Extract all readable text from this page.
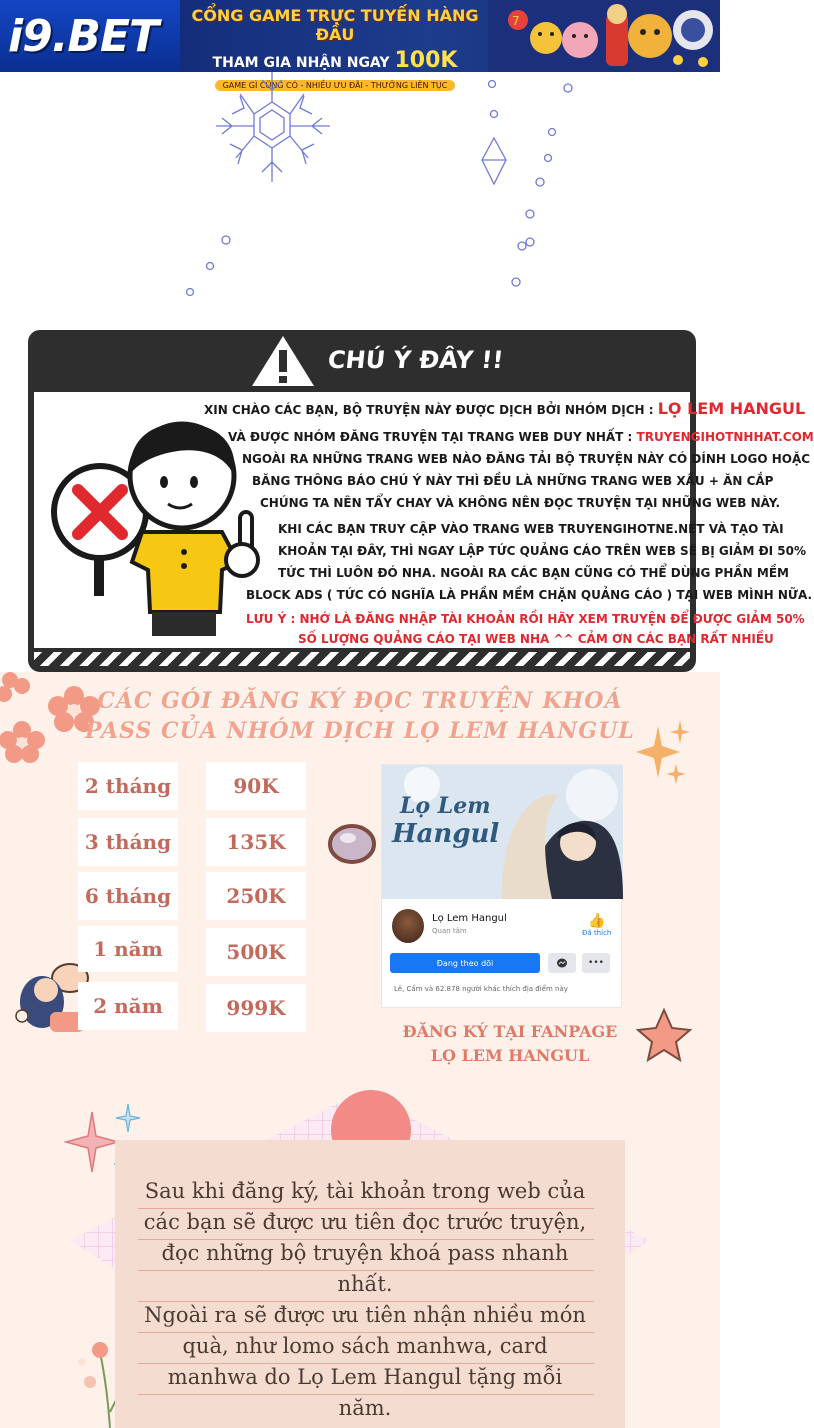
i9.BET	CỔNG GAME TRỰC TUYẾN HÀNG ĐẦU
THAM GIA NHẬN NGAY 100K
GAME GÌ CŨNG CÓ - NHIỀU ƯU ĐÃI - THƯỞNG LIÊN TỤC
7
CHÚ Ý ĐÂY !!
XIN CHÀO CÁC BẠN, BỘ TRUYỆN NÀY ĐƯỢC DỊCH BỞI NHÓM DỊCH : LỌ LEM HANGUL
VÀ ĐƯỢC NHÓM ĐĂNG TRUYỆN TẠI TRANG WEB DUY NHẤT : TRUYENGIHOTNHHAT.COM
NGOÀI RA NHỮNG TRANG WEB NÀO ĐĂNG TẢI BỘ TRUYỆN NÀY CÓ DÍNH LOGO HOẶC
BĂNG THÔNG BÁO CHÚ Ý NÀY THÌ ĐỀU LÀ NHỮNG TRANG WEB XẤU + ĂN CẮP
CHÚNG TA NÊN TẨY CHAY VÀ KHÔNG NÊN ĐỌC TRUYỆN TẠI NHỮNG WEB NÀY.
KHI CÁC BẠN TRUY CẬP VÀO TRANG WEB TRUYENGIHOTNE.NET VÀ TẠO TÀI
KHOẢN TẠI ĐÂY, THÌ NGAY LẬP TỨC QUẢNG CÁO TRÊN WEB SẼ BỊ GIẢM ĐI 50%
TỨC THÌ LUÔN ĐÓ NHA. NGOÀI RA CÁC BẠN CŨNG CÓ THỂ DÙNG PHẦN MỀM
BLOCK ADS ( TỨC CÓ NGHĨA LÀ PHẦN MỀM CHẶN QUẢNG CÁO ) TẠI WEB MÌNH NỮA.
LƯU Ý : NHỚ LÀ ĐĂNG NHẬP TÀI KHOẢN RỒI HÃY XEM TRUYỆN ĐỂ ĐƯỢC GIẢM 50%
SỐ LƯỢNG QUẢNG CÁO TẠI WEB NHA ^^ CẢM ƠN CÁC BẠN RẤT NHIỀU
CÁC GÓI ĐĂNG KÝ ĐỌC TRUYỆN KHOÁ
PASS CỦA NHÓM DỊCH LỌ LEM HANGUL
2 tháng	90K
3 tháng	135K
6 tháng	250K
1 năm	500K
2 năm	999K
Lọ Lem
Hangul
Lọ Lem Hangul
Quan tâm
👍
Đã thích
Đang theo dõi	•••
Lê, Cẩm và 62.878 người khác thích địa điểm này
ĐĂNG KÝ TẠI FANPAGE
LỌ LEM HANGUL
Sau khi đăng ký, tài khoản trong web của
các bạn sẽ được ưu tiên đọc trước truyện,
đọc những bộ truyện khoá pass nhanh
nhất.
Ngoài ra sẽ được ưu tiên nhận nhiều món
quà, như lomo sách manhwa, card
manhwa do Lọ Lem Hangul tặng mỗi
năm.
